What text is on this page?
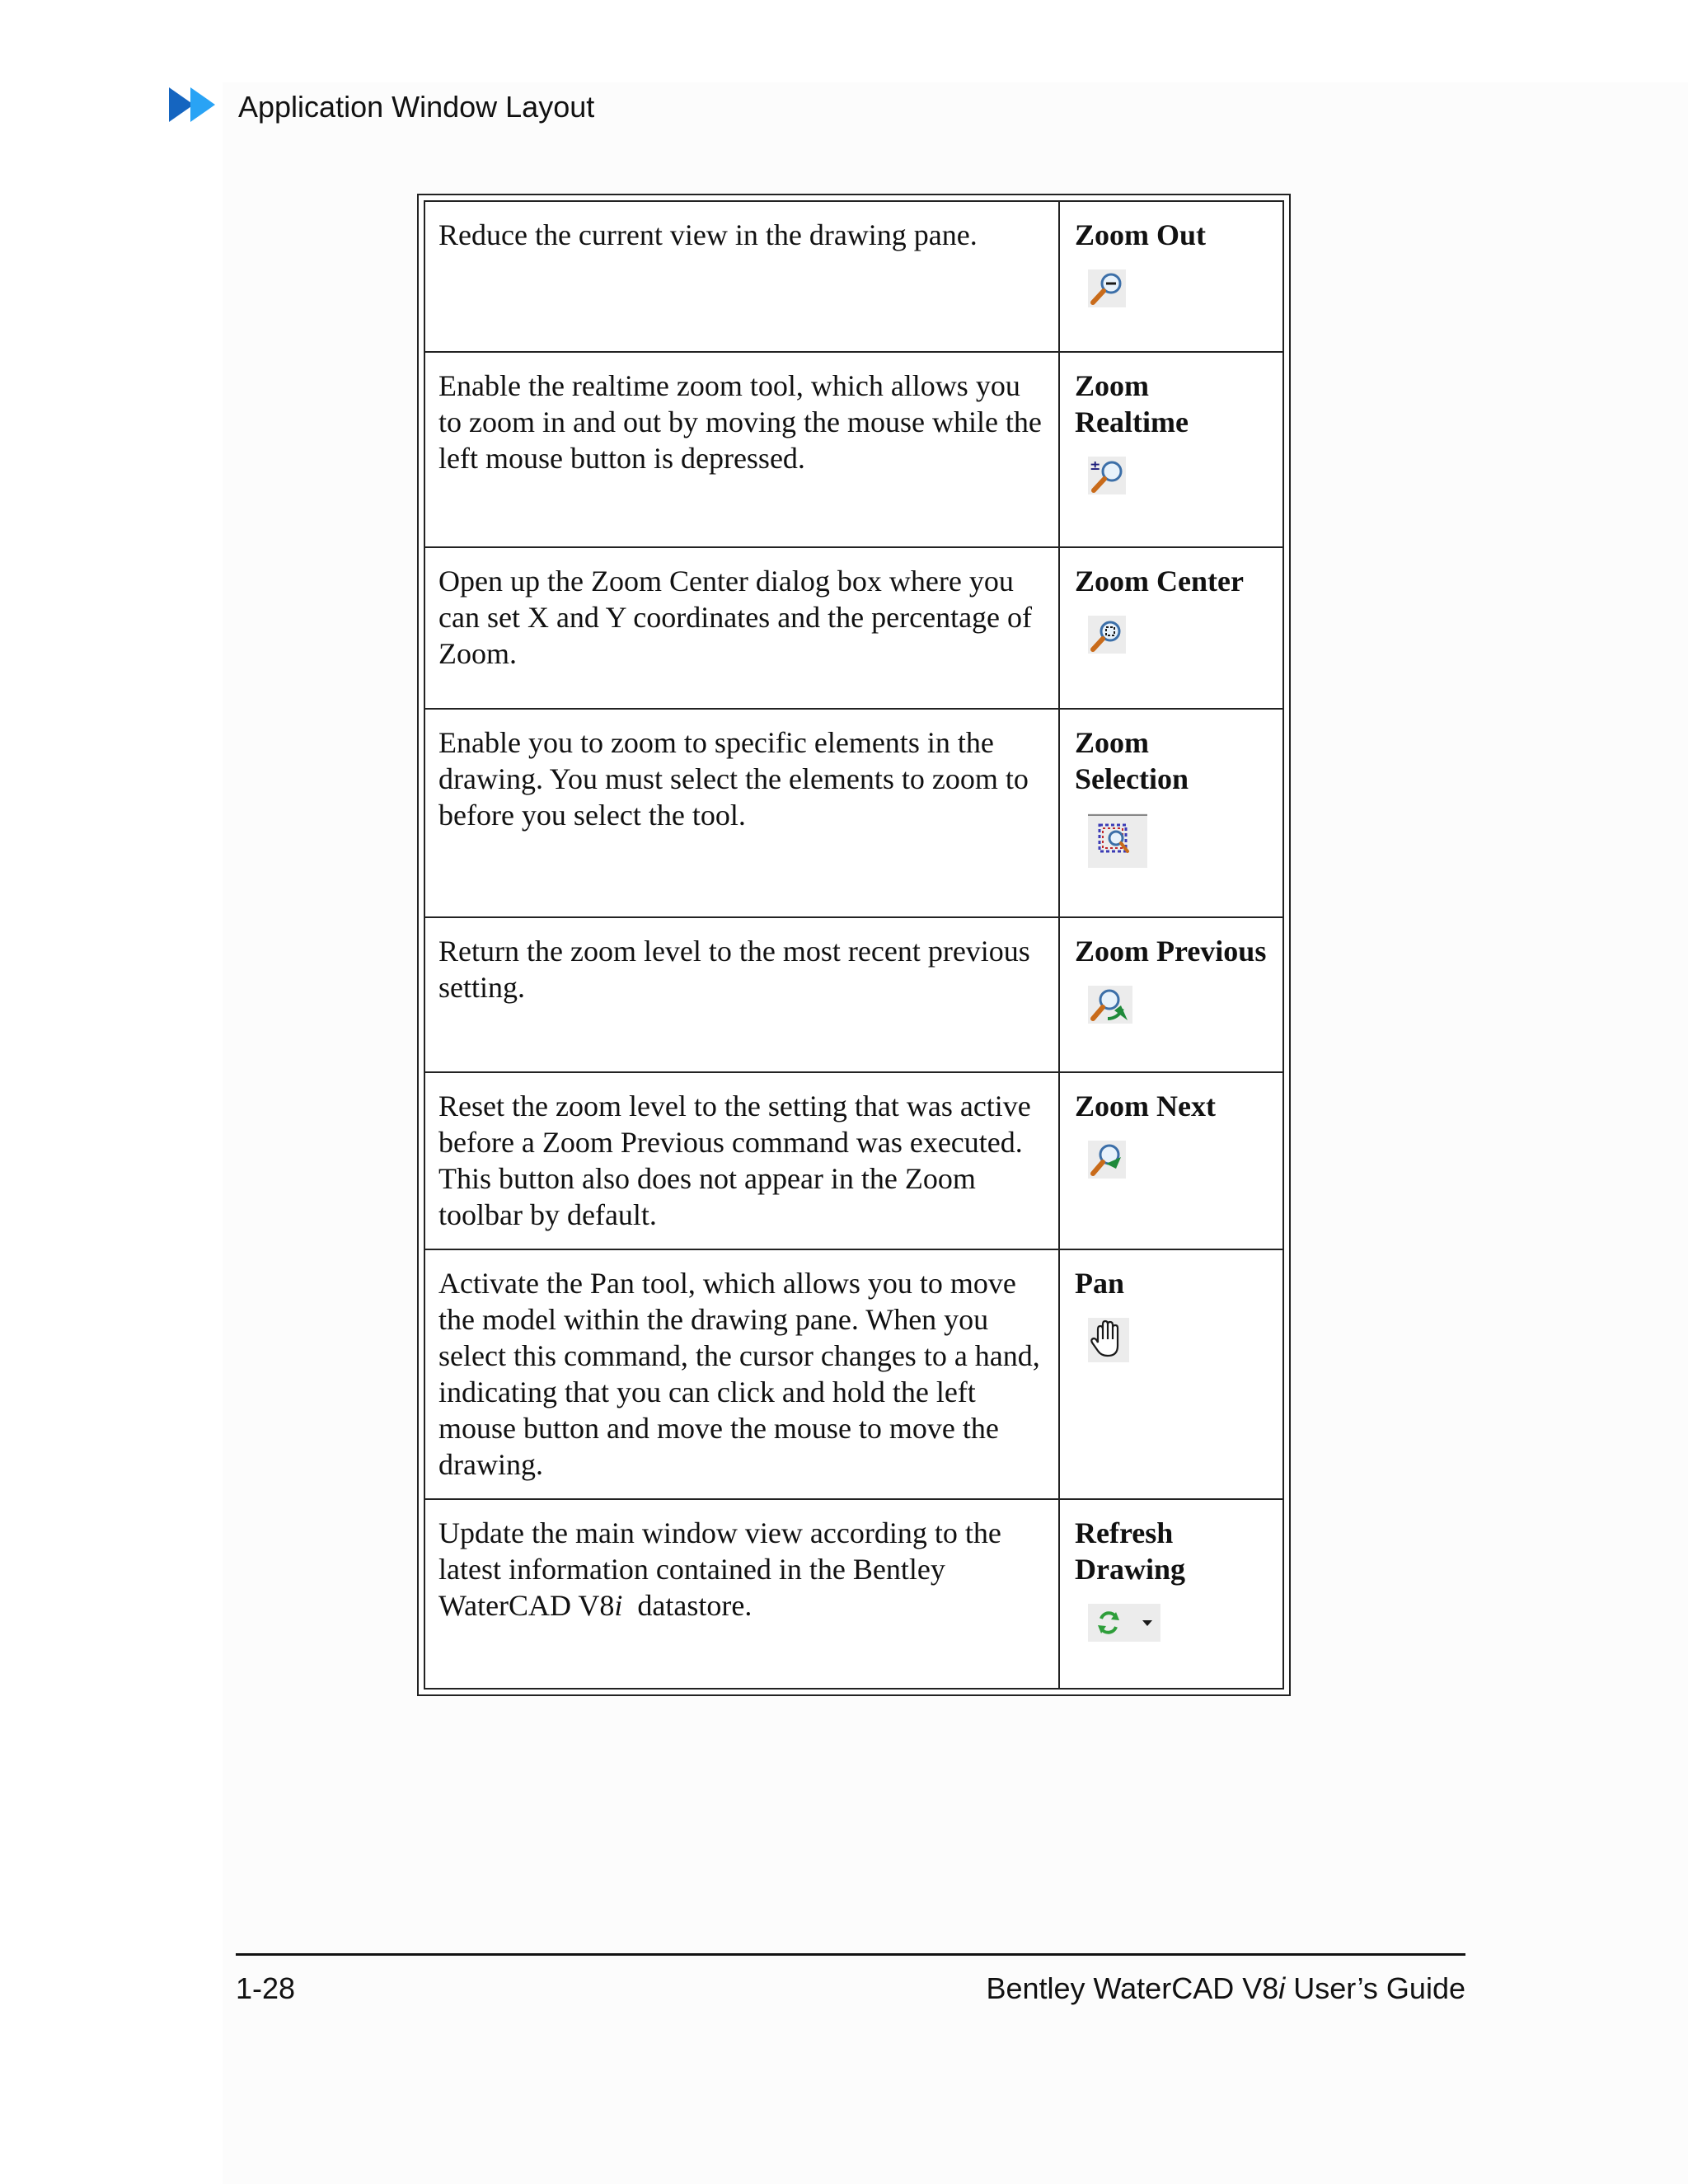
Application Window Layout
Reduce the current view in the drawing pane.	Zoom Out

Enable the realtime zoom tool, which allows you to zoom in and out by moving the mouse while the left mouse button is depressed.	Zoom Realtime
±

Open up the Zoom Center dialog box where you can set X and Y coordinates and the percentage of Zoom.	Zoom Center

Enable you to zoom to specific elements in the drawing. You must select the elements to zoom to before you select the tool.	Zoom Selection

Return the zoom level to the most recent previous setting.	Zoom Previous

Reset the zoom level to the setting that was active before a Zoom Previous command was executed. This button also does not appear in the Zoom toolbar by default.	Zoom Next

Activate the Pan tool, which allows you to move the model within the drawing pane. When you select this command, the cursor changes to a hand, indicating that you can click and hold the left mouse button and move the mouse to move the drawing.	Pan

Update the main window view according to the latest information contained in the Bentley WaterCAD V8i  datastore.	Refresh Drawing
1-28	Bentley WaterCAD V8i User’s Guide
